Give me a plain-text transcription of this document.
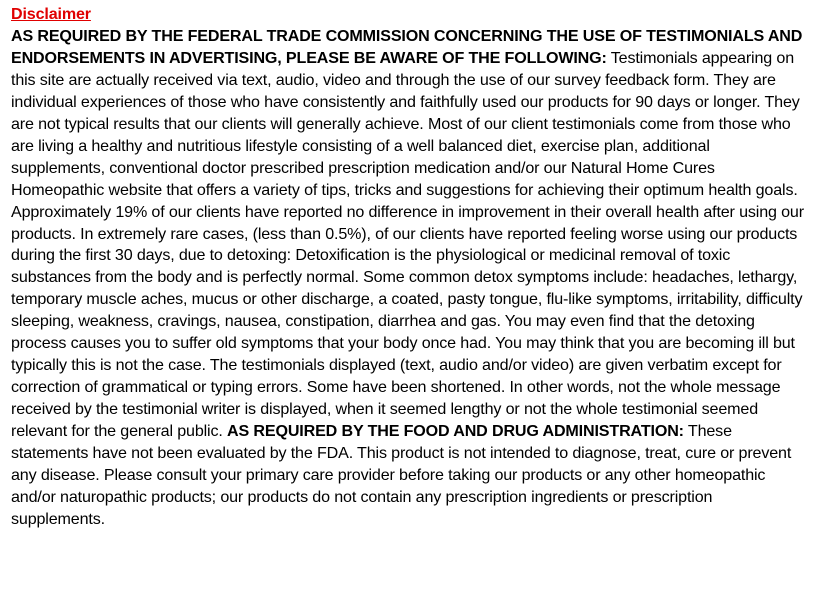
Disclaimer

AS REQUIRED BY THE FEDERAL TRADE COMMISSION CONCERNING THE USE OF TESTIMONIALS AND ENDORSEMENTS IN ADVERTISING, PLEASE BE AWARE OF THE FOLLOWING: Testimonials appearing on this site are actually received via text, audio, video and through the use of our survey feedback form. They are individual experiences of those who have consistently and faithfully used our products for 90 days or longer. They are not typical results that our clients will generally achieve. Most of our client testimonials come from those who are living a healthy and nutritious lifestyle consisting of a well balanced diet, exercise plan, additional supplements, conventional doctor prescribed prescription medication and/or our Natural Home Cures Homeopathic website that offers a variety of tips, tricks and suggestions for achieving their optimum health goals. Approximately 19% of our clients have reported no difference in improvement in their overall health after using our products. In extremely rare cases, (less than 0.5%), of our clients have reported feeling worse using our products during the first 30 days, due to detoxing: Detoxification is the physiological or medicinal removal of toxic substances from the body and is perfectly normal. Some common detox symptoms include: headaches, lethargy, temporary muscle aches, mucus or other discharge, a coated, pasty tongue, flu-like symptoms, irritability, difficulty sleeping, weakness, cravings, nausea, constipation, diarrhea and gas. You may even find that the detoxing process causes you to suffer old symptoms that your body once had. You may think that you are becoming ill but typically this is not the case. The testimonials displayed (text, audio and/or video) are given verbatim except for correction of grammatical or typing errors. Some have been shortened. In other words, not the whole message received by the testimonial writer is displayed, when it seemed lengthy or not the whole testimonial seemed relevant for the general public. AS REQUIRED BY THE FOOD AND DRUG ADMINISTRATION: These statements have not been evaluated by the FDA. This product is not intended to diagnose, treat, cure or prevent any disease. Please consult your primary care provider before taking our products or any other homeopathic and/or naturopathic products; our products do not contain any prescription ingredients or prescription supplements.
